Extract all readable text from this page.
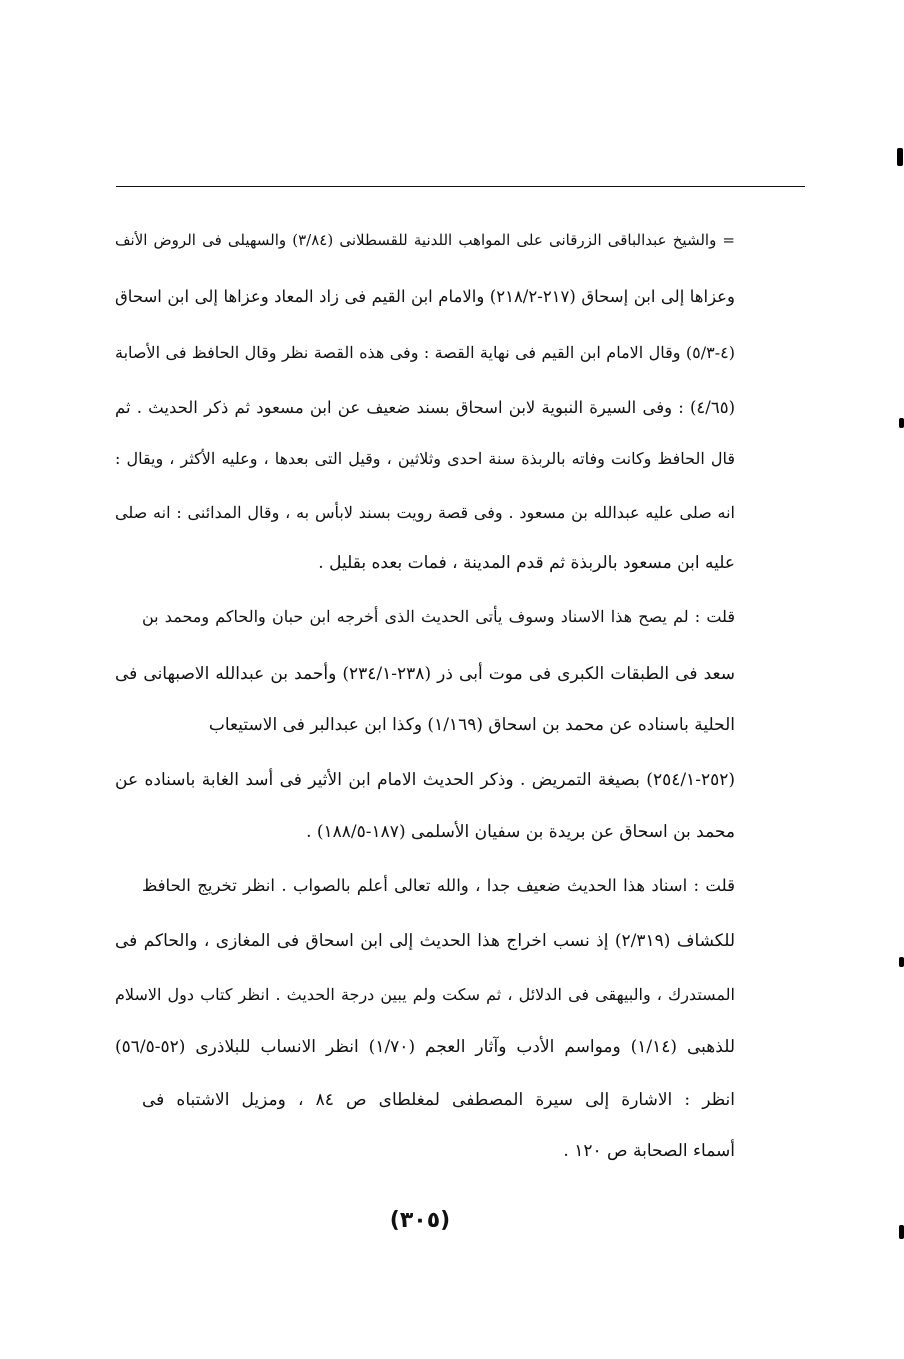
= والشيخ عبدالباقى الزرقانى على المواهب اللدنية للقسطلانى (٣/٨٤) والسهيلى فى الروض الأنف
وعزاها إلى ابن إسحاق (٢١٧-٢١٨/٢) والامام ابن القيم فى زاد المعاد وعزاها إلى ابن اسحاق
(٤-٥/٣) وقال الامام ابن القيم فى نهاية القصة : وفى هذه القصة نظر وقال الحافظ فى الأصابة
(٤/٦٥) : وفى السيرة النبوية لابن اسحاق بسند ضعيف عن ابن مسعود ثم ذكر الحديث . ثم
قال الحافظ وكانت وفاته بالربذة سنة احدى وثلاثين ، وقيل التى بعدها ، وعليه الأكثر ، ويقال :
انه صلى عليه عبدالله بن مسعود . وفى قصة رويت بسند لابأس به ، وقال المدائنى : انه صلى
عليه ابن مسعود بالربذة ثم قدم المدينة ، فمات بعده بقليل .
قلت : لم يصح هذا الاسناد وسوف يأتى الحديث الذى أخرجه ابن حبان والحاكم ومحمد بن
سعد فى الطبقات الكبرى فى موت أبى ذر (٢٣٨-٢٣٤/١) وأحمد بن عبدالله الاصبهانى فى
الحلية باسناده عن محمد بن اسحاق (١/١٦٩) وكذا ابن عبدالبر فى الاستيعاب
(٢٥٢-٢٥٤/١) بصيغة التمريض . وذكر الحديث الامام ابن الأثير فى أسد الغابة باسناده عن
محمد بن اسحاق عن بريدة بن سفيان الأسلمى (١٨٧-١٨٨/٥) .
قلت : اسناد هذا الحديث ضعيف جدا ، والله تعالى أعلم بالصواب . انظر تخريج الحافظ
للكشاف (٢/٣١٩) إذ نسب اخراج هذا الحديث إلى ابن اسحاق فى المغازى ، والحاكم فى
المستدرك ، والبيهقى فى الدلائل ، ثم سكت ولم يبين درجة الحديث . انظر كتاب دول الاسلام
للذهبى (١/١٤) ومواسم الأدب وآثار العجم (١/٧٠) انظر الانساب للبلاذرى (٥٢-٥٦/٥)
انظر : الاشارة إلى سيرة المصطفى لمغلطاى ص ٨٤ ، ومزيل الاشتباه فى
أسماء الصحابة ص ١٢٠ .
(٣٠٥)
